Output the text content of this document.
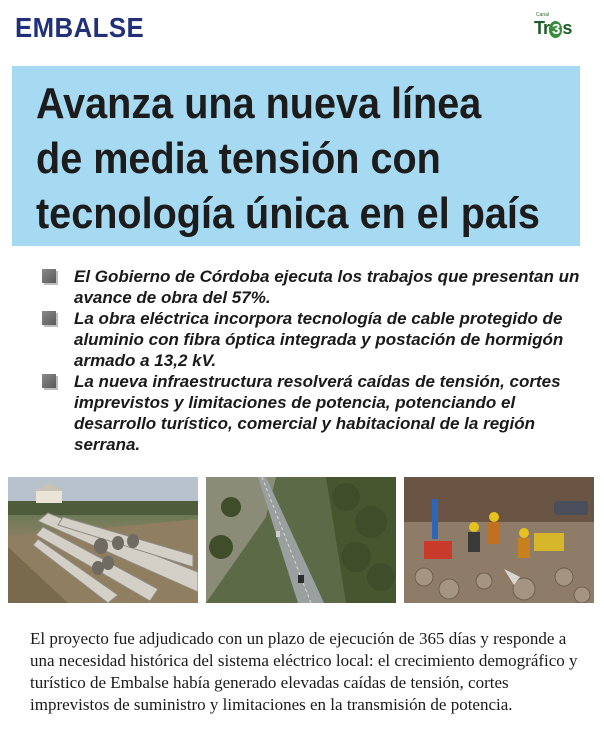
EMBALSE	Canal
Tr 3 s
Avanza una nueva línea
de media tensión con
tecnología única en el país
El Gobierno de Córdoba ejecuta los trabajos que presentan un avance de obra del 57%.
La obra eléctrica incorpora tecnología de cable protegido de aluminio con fibra óptica integrada y postación de hormigón armado a 13,2 kV.
La nueva infraestructura resolverá caídas de tensión, cortes imprevistos y limitaciones de potencia, potenciando el desarrollo turístico, comercial y habitacional de la región serrana.

El proyecto fue adjudicado con un plazo de ejecución de 365 días y responde a una necesidad histórica del sistema eléctrico local: el crecimiento demográfico y turístico de Embalse había generado elevadas caídas de tensión, cortes imprevistos de suministro y limitaciones en la transmisión de potencia.
